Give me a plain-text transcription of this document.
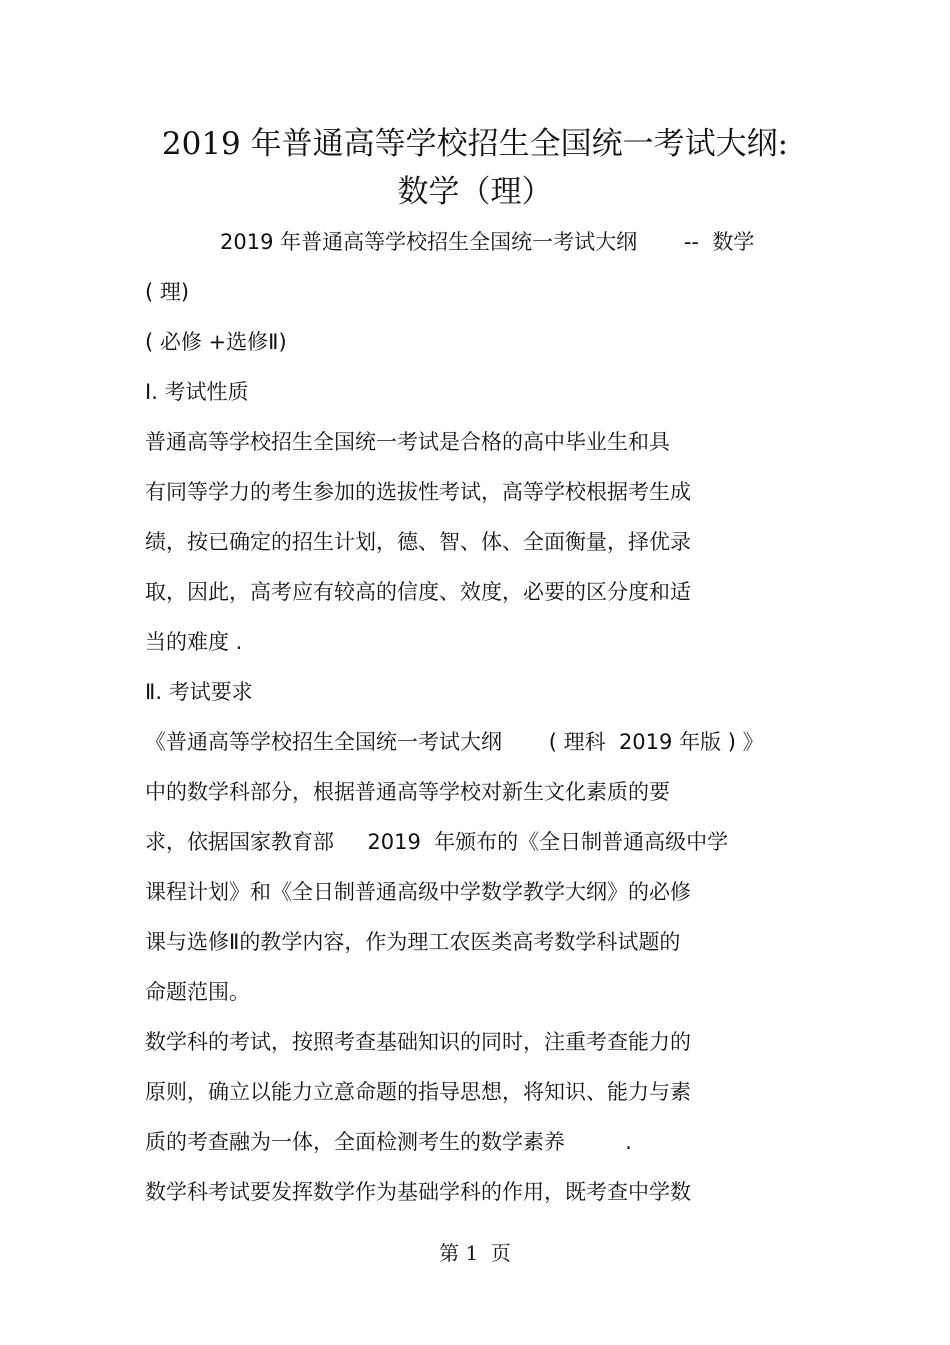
2019 年普通高等学校招生全国统一考试大纲:
数学（理）
2019 年普通高等学校招生全国统一考试大纲       --  数学
( 理)
( 必修 +选修Ⅱ)
Ⅰ. 考试性质
普通高等学校招生全国统一考试是合格的高中毕业生和具
有同等学力的考生参加的选拔性考试，高等学校根据考生成
绩，按已确定的招生计划，德、智、体、全面衡量，择优录
取，因此，高考应有较高的信度、效度，必要的区分度和适
当的难度 .
Ⅱ. 考试要求
《普通高等学校招生全国统一考试大纲       ( 理科  2019 年版 ) 》
中的数学科部分，根据普通高等学校对新生文化素质的要
求，依据国家教育部     2019  年颁布的《全日制普通高级中学
课程计划》和《全日制普通高级中学数学教学大纲》的必修
课与选修Ⅱ的教学内容，作为理工农医类高考数学科试题的
命题范围。
数学科的考试，按照考查基础知识的同时，注重考查能力的
原则，确立以能力立意命题的指导思想，将知识、能力与素
质的考查融为一体，全面检测考生的数学素养         .
数学科考试要发挥数学作为基础学科的作用，既考查中学数
第 1  页
